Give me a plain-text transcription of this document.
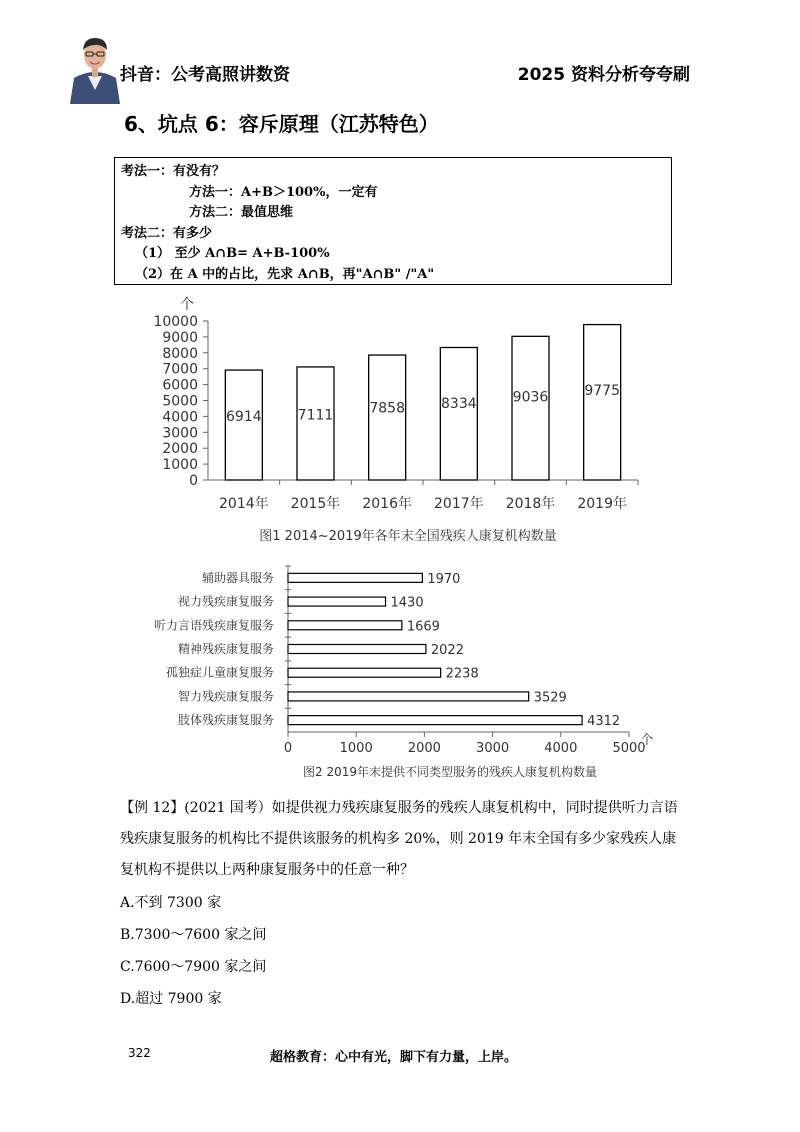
抖音：公考高照讲数资	2025 资料分析夸夸刷
6、坑点 6：容斥原理（江苏特色）
考法一：有没有？
方法一：A+B＞100%，一定有
方法二：最值思维
考法二：有多少
（1） 至少 A∩B= A+B-100%
（2）在 A 中的占比，先求 A∩B，再"A∩B" /"A"
个
0
1000
2000
3000
4000
5000
6000
7000
8000
9000
10000
6914
2014年
7111
2015年
7858
2016年
8334
2017年
9036
2018年
9775
2019年
图1 2014~2019年各年末全国残疾人康复机构数量
辅助器具服务	1970
视力残疾康复服务	1430
听力言语残疾康复服务	1669
精神残疾康复服务	2022
孤独症儿童康复服务	2238
智力残疾康复服务	3529
肢体残疾康复服务	4312
0	1000	2000	3000	4000	5000
个
图2 2019年末提供不同类型服务的残疾人康复机构数量
【例 12】(2021 国考）如提供视力残疾康复服务的残疾人康复机构中，同时提供听力言语残疾康复服务的机构比不提供该服务的机构多 20%，则 2019 年末全国有多少家残疾人康复机构不提供以上两种康复服务中的任意一种？
A.不到 7300 家
B.7300～7600 家之间
C.7600～7900 家之间
D.超过 7900 家
322	超格教育：心中有光，脚下有力量，上岸。
